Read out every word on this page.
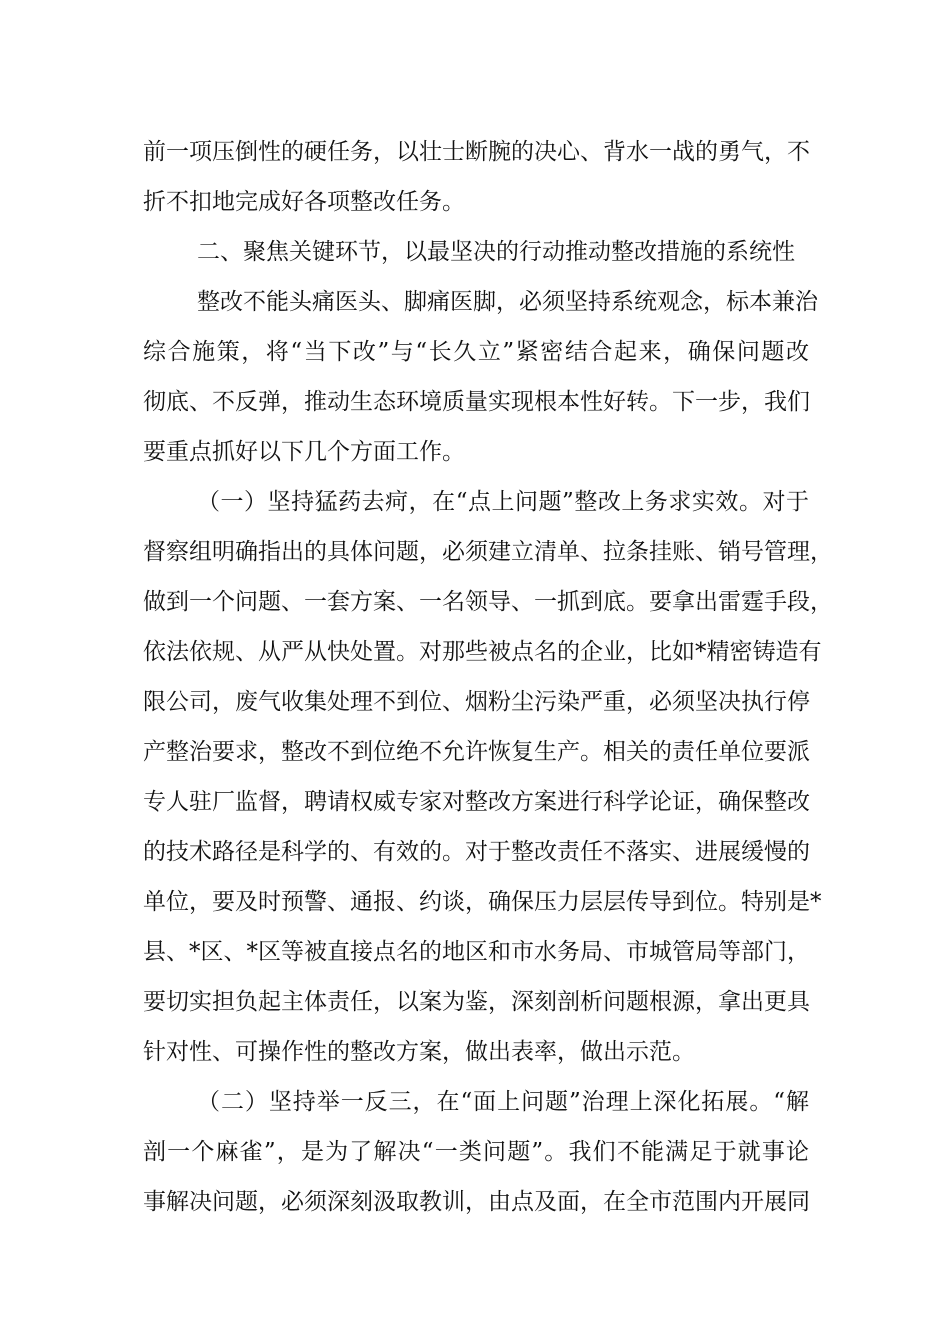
前一项压倒性的硬任务，以壮士断腕的决心、背水一战的勇气，不
折不扣地完成好各项整改任务。
二、聚焦关键环节，以最坚决的行动推动整改措施的系统性
整改不能头痛医头、脚痛医脚，必须坚持系统观念，标本兼治
综合施策，将“当下改”与“长久立”紧密结合起来，确保问题改
彻底、不反弹，推动生态环境质量实现根本性好转。下一步，我们
要重点抓好以下几个方面工作。
（一）坚持猛药去疴，在“点上问题”整改上务求实效。对于
督察组明确指出的具体问题，必须建立清单、拉条挂账、销号管理，
做到一个问题、一套方案、一名领导、一抓到底。要拿出雷霆手段，
依法依规、从严从快处置。对那些被点名的企业，比如*精密铸造有
限公司，废气收集处理不到位、烟粉尘污染严重，必须坚决执行停
产整治要求，整改不到位绝不允许恢复生产。相关的责任单位要派
专人驻厂监督，聘请权威专家对整改方案进行科学论证，确保整改
的技术路径是科学的、有效的。对于整改责任不落实、进展缓慢的
单位，要及时预警、通报、约谈，确保压力层层传导到位。特别是*
县、*区、*区等被直接点名的地区和市水务局、市城管局等部门，
要切实担负起主体责任，以案为鉴，深刻剖析问题根源，拿出更具
针对性、可操作性的整改方案，做出表率，做出示范。
（二）坚持举一反三，在“面上问题”治理上深化拓展。“解
剖一个麻雀”，是为了解决“一类问题”。我们不能满足于就事论
事解决问题，必须深刻汲取教训，由点及面，在全市范围内开展同
